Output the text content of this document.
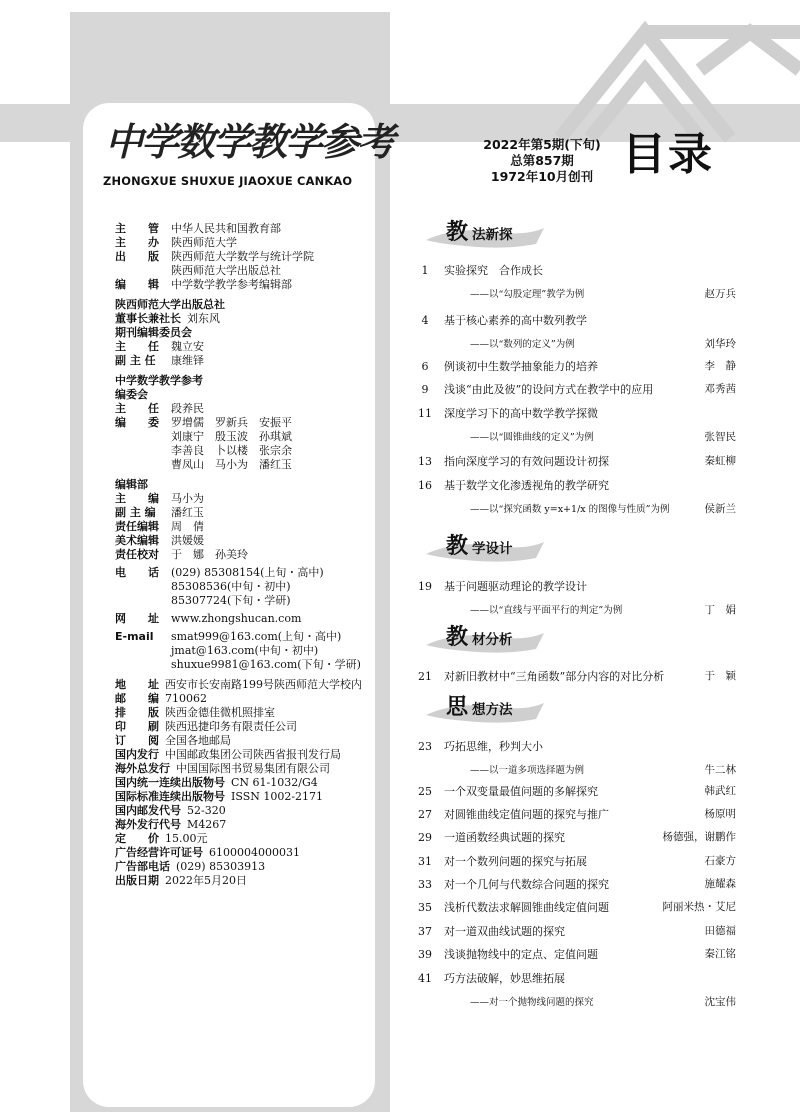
中学数学教学参考
ZHONGXUE SHUXUE JIAOXUE CANKAO
主　　管	中华人民共和国教育部
主　　办	陕西师范大学
出　　版	陕西师范大学数学与统计学院
陕西师范大学出版总社
编　　辑	中学数学教学参考编辑部
陕西师范大学出版总社
董事长兼社长 刘东风
期刊编辑委员会
主　　任	魏立安
副 主 任	康维铎
中学数学教学参考
编委会
主　　任	段养民
编　　委	罗增儒　罗新兵　安振平
刘康宁　殷玉波　孙琪斌
李善良　卜以楼　张宗余
曹凤山　马小为　潘红玉
编辑部
主　　编	马小为
副 主 编	潘红玉
责任编辑	周　倩
美术编辑	洪媛媛
责任校对	于　娜　孙美玲
电　　话	(029) 85308154(上旬・高中)
85308536(中旬・初中)
85307724(下旬・学研)
网　　址	www.zhongshucan.com
E-mail	smat999@163.com(上旬・高中)
jmat@163.com(中旬・初中)
shuxue9981@163.com(下旬・学研)
地　　址 西安市长安南路199号陕西师范大学校内
邮　　编 710062
排　　版 陕西金德佳微机照排室
印　　刷 陕西迅捷印务有限责任公司
订　　阅 全国各地邮局
国内发行 中国邮政集团公司陕西省报刊发行局
海外总发行 中国国际图书贸易集团有限公司
国内统一连续出版物号 CN 61-1032/G4
国际标准连续出版物号 ISSN 1002-2171
国内邮发代号 52-320
海外发行代号 M4267
定　　价 15.00元
广告经营许可证号 6100004000031
广告部电话 (029) 85303913
出版日期 2022年5月20日
2022年第5期(下旬)
总第857期
1972年10月创刊 目录
教 法新探
1	实验探究　合作成长
——以“勾股定理”教学为例	赵万兵
4	基于核心素养的高中数列教学
——以“数列的定义”为例	刘华玲
6	例谈初中生数学抽象能力的培养	李　静
9	浅谈“由此及彼”的设问方式在教学中的应用	邓秀茜
11 深度学习下的高中数学教学探微
——以“圆锥曲线的定义”为例	张智民
13 指向深度学习的有效问题设计初探	秦虹柳
16 基于数学文化渗透视角的教学研究
——以“探究函数 y=x+1/x 的图像与性质”为例	侯新兰
教 学设计
19 基于问题驱动理论的教学设计
——以“直线与平面平行的判定”为例	丁　娟
教 材分析
21 对新旧教材中“三角函数”部分内容的对比分析	于　颖
思 想方法
23 巧拓思维，秒判大小
——以一道多项选择题为例	牛二林
25 一个双变量最值问题的多解探究	韩武红
27 对圆锥曲线定值问题的探究与推广	杨原明
29 一道函数经典试题的探究	杨德强，谢鹏作
31 对一个数列问题的探究与拓展	石豪方
33 对一个几何与代数综合问题的探究	施耀森
35 浅析代数法求解圆锥曲线定值问题	阿丽米热・艾尼
37 对一道双曲线试题的探究	田德福
39 浅谈抛物线中的定点、定值问题	秦江铭
41 巧方法破解，妙思维拓展
——对一个抛物线问题的探究	沈宝伟
